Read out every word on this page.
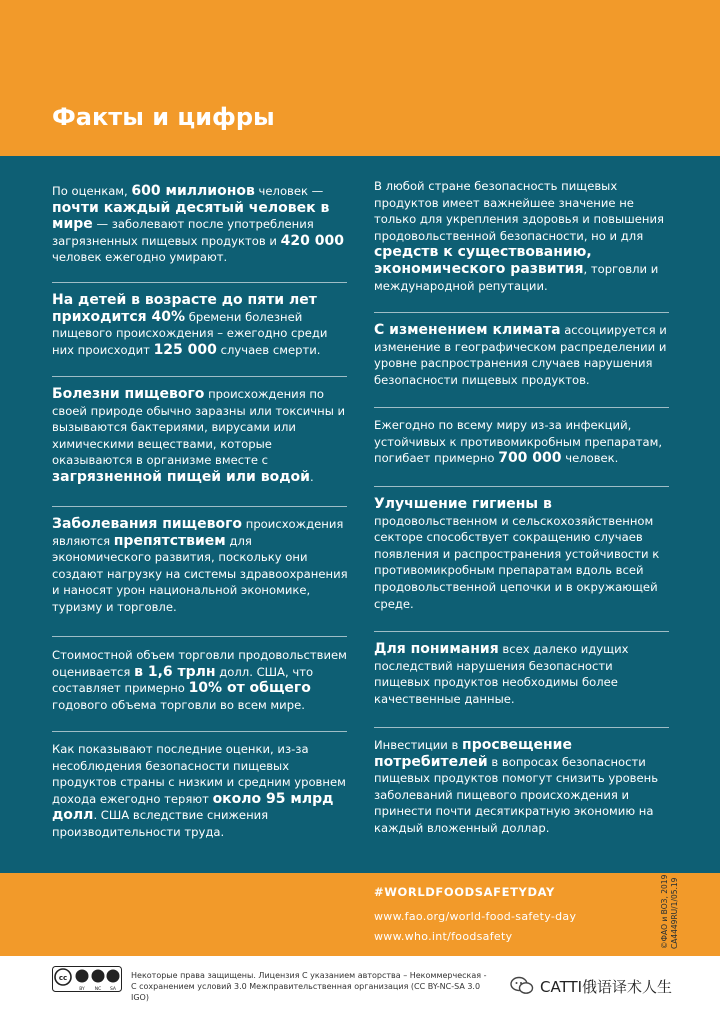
Факты и цифры
По оценкам, 600 миллионов человек — почти каждый десятый человек в мире — заболевают после употребления загрязненных пищевых продуктов и 420 000 человек ежегодно умирают.
На детей в возрасте до пяти лет приходится 40% бремени болезней пищевого происхождения – ежегодно среди них происходит 125 000 случаев смерти.
Болезни пищевого происхождения по своей природе обычно заразны или токсичны и вызываются бактериями, вирусами или химическими веществами, которые оказываются в организме вместе с загрязненной пищей или водой.
Заболевания пищевого происхождения являются препятствием для экономического развития, поскольку они создают нагрузку на системы здравоохранения и наносят урон национальной экономике, туризму и торговле.
Стоимостной объем торговли продовольствием оценивается в 1,6 трлн долл. США, что составляет примерно 10% от общего годового объема торговли во всем мире.
Как показывают последние оценки, из-за несоблюдения безопасности пищевых продуктов страны с низким и средним уровнем дохода ежегодно теряют около 95 млрд долл. США вследствие снижения производительности труда.
В любой стране безопасность пищевых продуктов имеет важнейшее значение не только для укрепления здоровья и повышения продовольственной безопасности, но и для средств к существованию, экономического развития, торговли и международной репутации.
С изменением климата ассоциируется и изменение в географическом распределении и уровне распространения случаев нарушения безопасности пищевых продуктов.
Ежегодно по всему миру из-за инфекций, устойчивых к противомикробным препаратам, погибает примерно 700 000 человек.
Улучшение гигиены в продовольственном и сельскохозяйственном секторе способствует сокращению случаев появления и распространения устойчивости к противомикробным препаратам вдоль всей продовольственной цепочки и в окружающей среде.
Для понимания всех далеко идущих последствий нарушения безопасности пищевых продуктов необходимы более качественные данные.
Инвестиции в просвещение потребителей в вопросах безопасности пищевых продуктов помогут снизить уровень заболеваний пищевого происхождения и принести почти десятикратную экономию на каждый вложенный доллар.
#WORLDFOODSAFETYDAY
www.fao.org/world-food-safety-day
www.who.int/foodsafety	©ФАО и ВОЗ, 2019
CA4449RU/1/05.19
cc
BY NC SA
Некоторые права защищены. Лицензия С указанием авторства – Некоммерческая - С сохранением условий 3.0 Межправительственная организация (CC BY-NC-SA 3.0 IGO)
CATTI俄语译术人生
